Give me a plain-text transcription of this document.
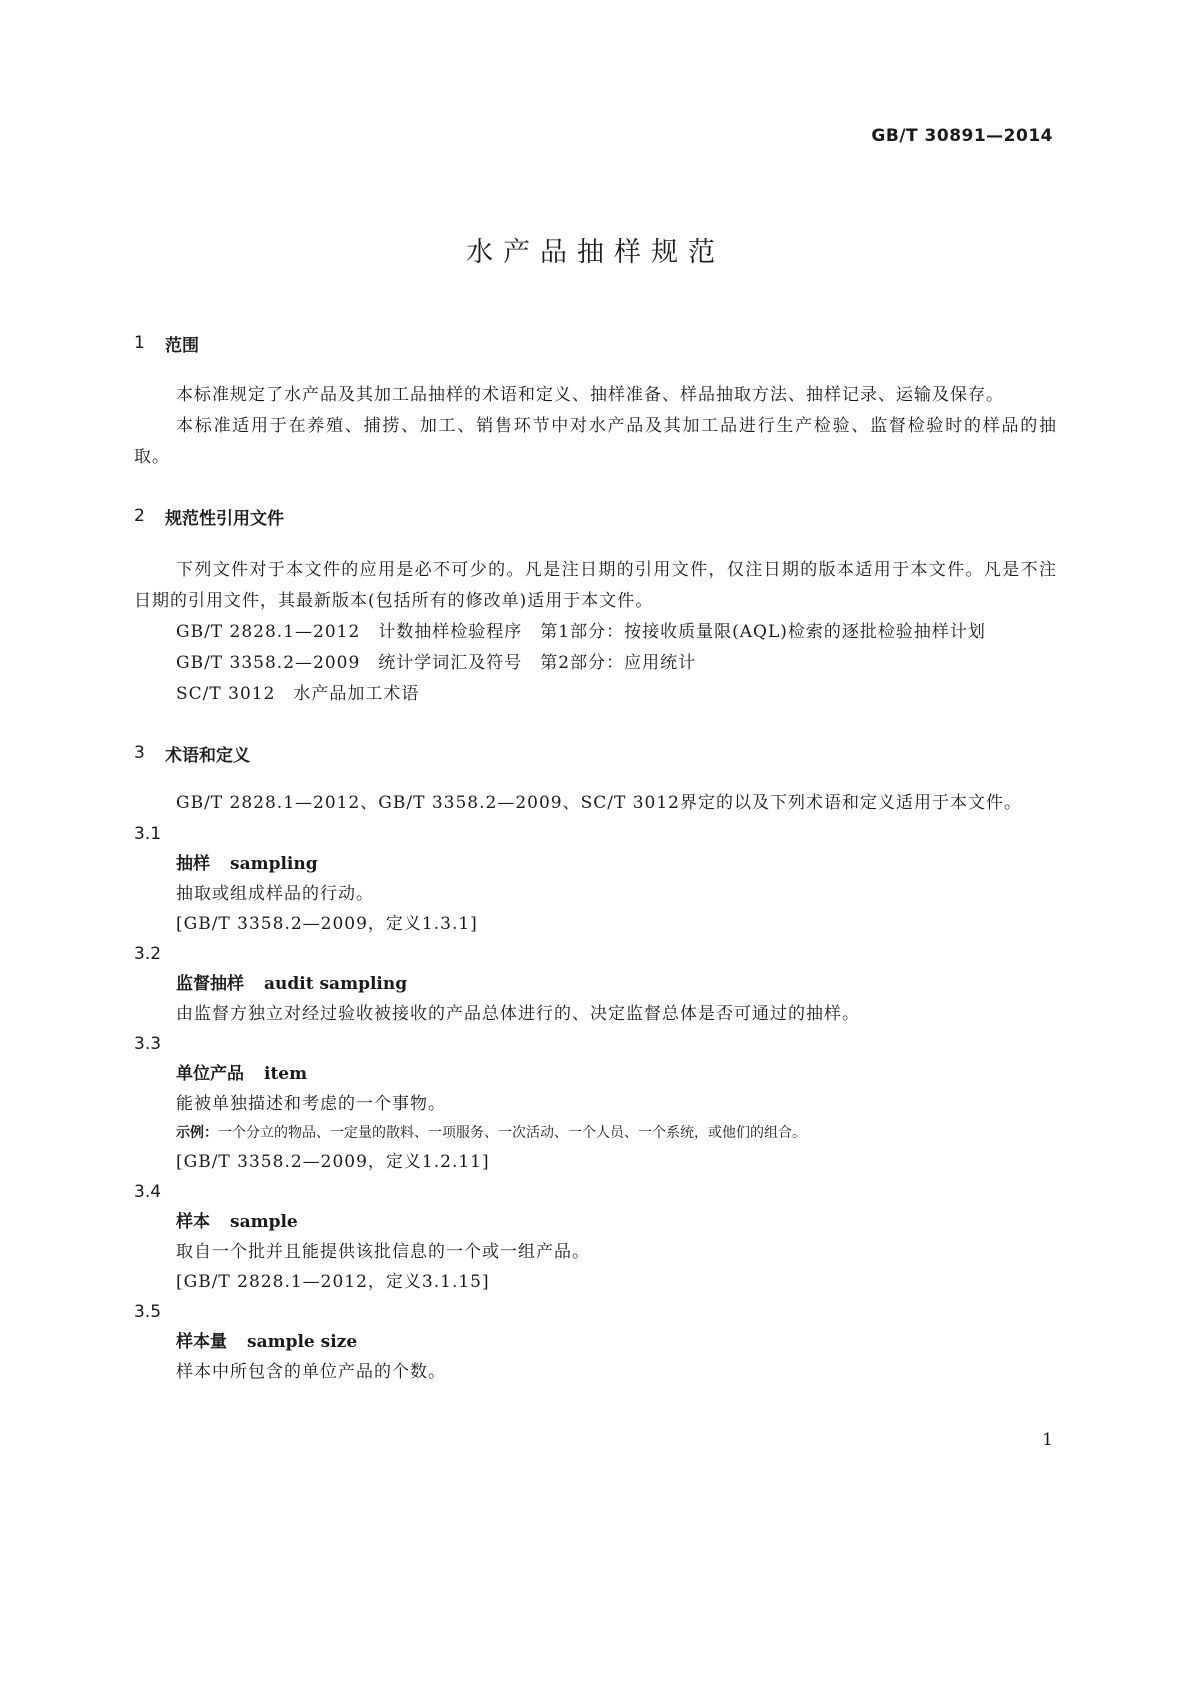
GB/T 30891—2014
水产品抽样规范
1	范围

本标准规定了水产品及其加工品抽样的术语和定义、抽样准备、样品抽取方法、抽样记录、运输及保存。

本标准适用于在养殖、捕捞、加工、销售环节中对水产品及其加工品进行生产检验、监督检验时的样品的抽取。

2	规范性引用文件

下列文件对于本文件的应用是必不可少的。凡是注日期的引用文件，仅注日期的版本适用于本文件。凡是不注日期的引用文件，其最新版本(包括所有的修改单)适用于本文件。

GB/T 2828.1—2012　计数抽样检验程序　第1部分：按接收质量限(AQL)检索的逐批检验抽样计划

GB/T 3358.2—2009　统计学词汇及符号　第2部分：应用统计

SC/T 3012　水产品加工术语

3	术语和定义

GB/T 2828.1—2012、GB/T 3358.2—2009、SC/T 3012界定的以及下列术语和定义适用于本文件。

3.1
抽样 sampling
抽取或组成样品的行动。
[GB/T 3358.2—2009，定义1.3.1]
3.2
监督抽样 audit sampling
由监督方独立对经过验收被接收的产品总体进行的、决定监督总体是否可通过的抽样。
3.3
单位产品 item
能被单独描述和考虑的一个事物。
示例：一个分立的物品、一定量的散料、一项服务、一次活动、一个人员、一个系统，或他们的组合。
[GB/T 3358.2—2009，定义1.2.11]
3.4
样本 sample
取自一个批并且能提供该批信息的一个或一组产品。
[GB/T 2828.1—2012，定义3.1.15]
3.5
样本量 sample size
样本中所包含的单位产品的个数。
1
